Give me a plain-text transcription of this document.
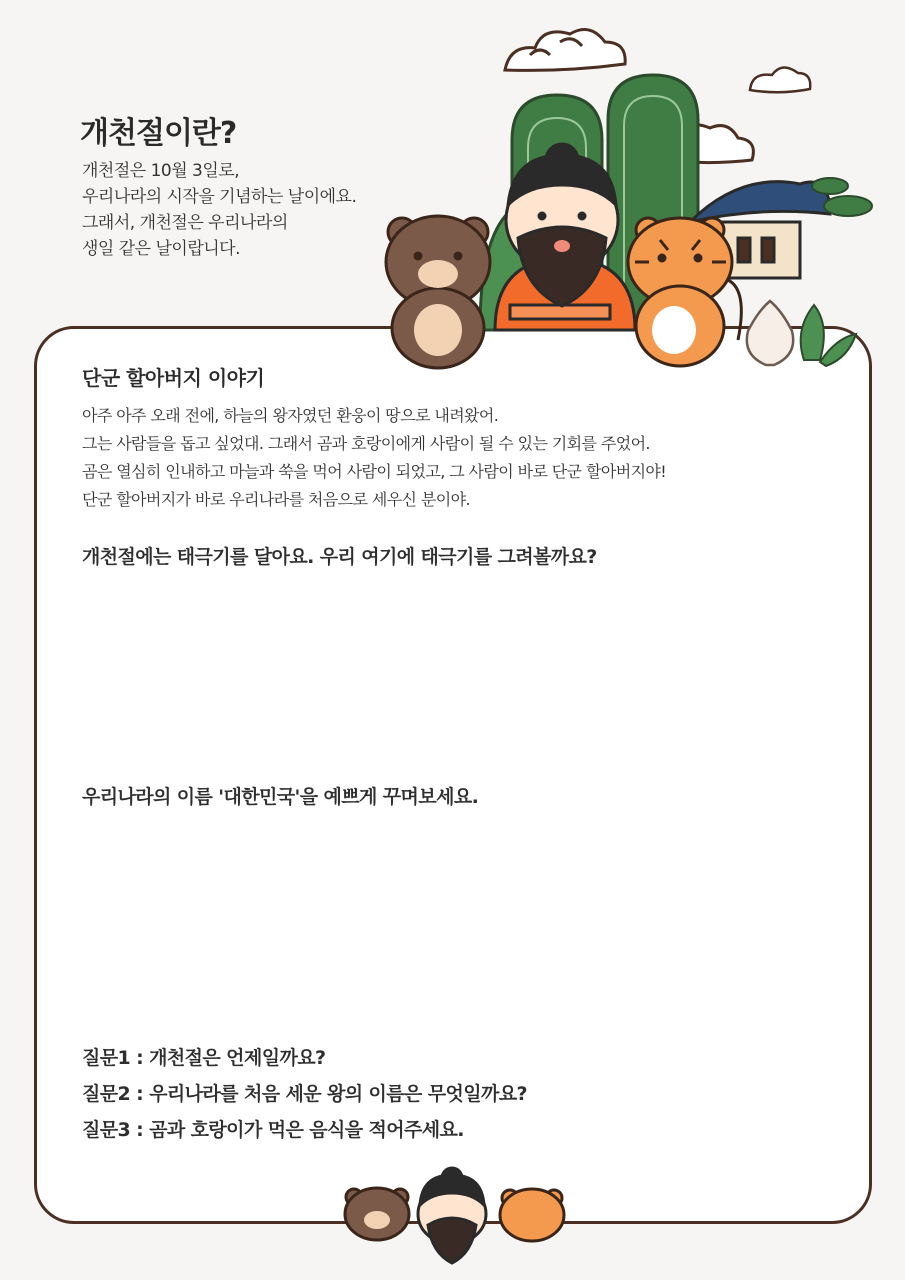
개천절이란?
개천절은 10월 3일로,
우리나라의 시작을 기념하는 날이에요.
그래서, 개천절은 우리나라의
생일 같은 날이랍니다.
단군 할아버지 이야기
아주 아주 오래 전에, 하늘의 왕자였던 환웅이 땅으로 내려왔어.
그는 사람들을 돕고 싶었대. 그래서 곰과 호랑이에게 사람이 될 수 있는 기회를 주었어.
곰은 열심히 인내하고 마늘과 쑥을 먹어 사람이 되었고, 그 사람이 바로 단군 할아버지야!
단군 할아버지가 바로 우리나라를 처음으로 세우신 분이야.

개천절에는 태극기를 달아요. 우리 여기에 태극기를 그려볼까요?

우리나라의 이름 '대한민국'을 예쁘게 꾸며보세요.

질문1 : 개천절은 언제일까요?
질문2 : 우리나라를 처음 세운 왕의 이름은 무엇일까요?
질문3 : 곰과 호랑이가 먹은 음식을 적어주세요.
